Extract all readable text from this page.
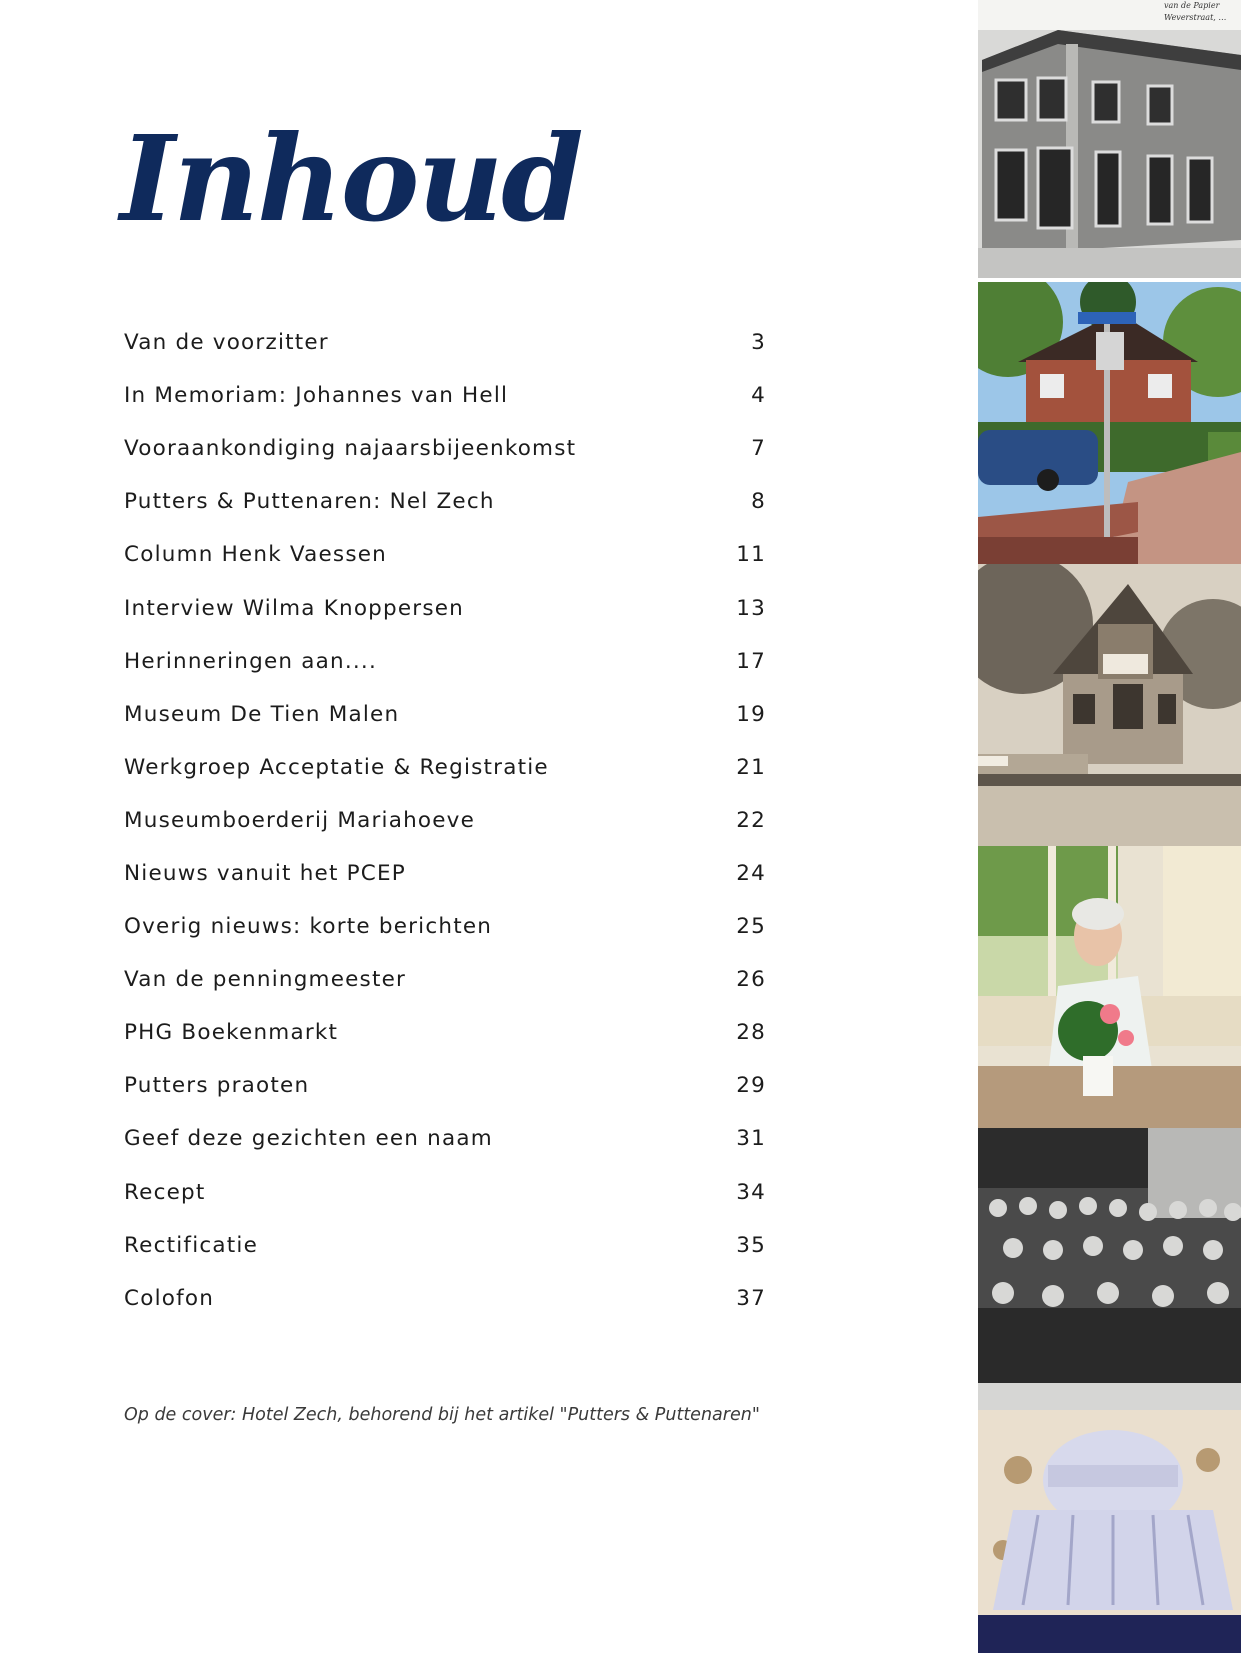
Inhoud
Van de voorzitter	3
In Memoriam: Johannes van Hell	4
Vooraankondiging najaarsbijeenkomst	7
Putters & Puttenaren: Nel Zech	8
Column Henk Vaessen	11
Interview Wilma Knoppersen	13
Herinneringen aan....	17
Museum De Tien Malen	19
Werkgroep Acceptatie & Registratie	21
Museumboerderij Mariahoeve	22
Nieuws vanuit het PCEP	24
Overig nieuws: korte berichten	25
Van de penningmeester	26
PHG Boekenmarkt	28
Putters praoten	29
Geef deze gezichten een naam	31
Recept	34
Rectificatie	35
Colofon	37
Op de cover: Hotel Zech, behorend bij het artikel "Putters & Puttenaren"
van de Papier
Weverstraat, …
